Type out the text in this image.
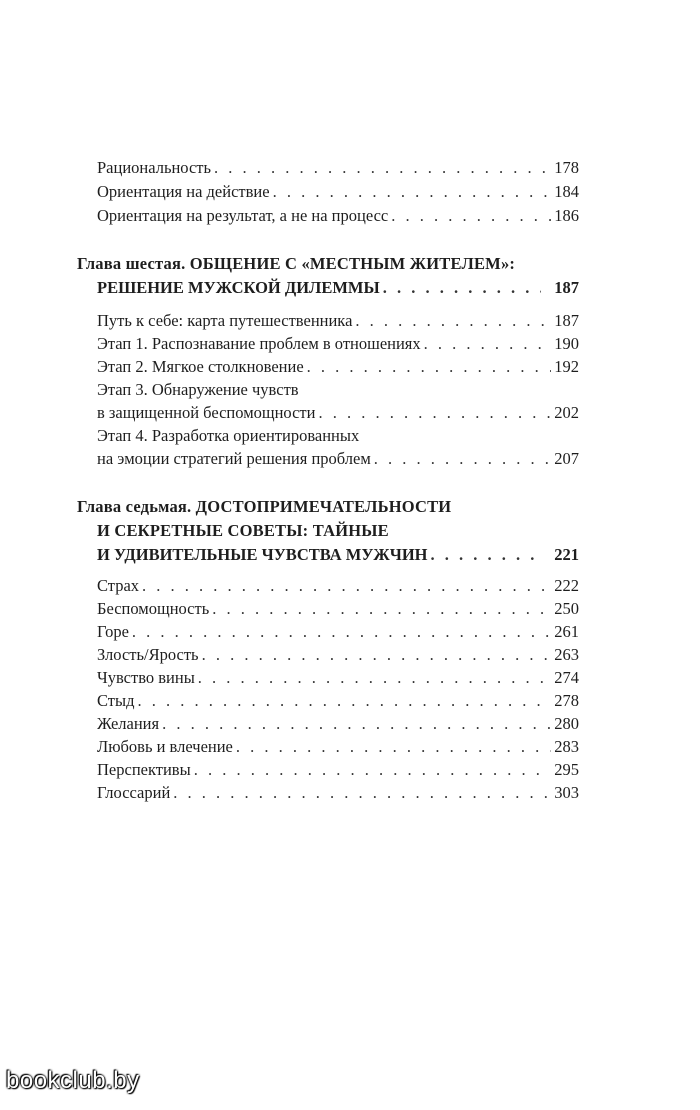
Рациональность . . .	178
Ориентация на действие . . .	184
Ориентация на результат, а не на процесс . . .	186
Глава шестая. ОБЩЕНИЕ С «МЕСТНЫМ ЖИТЕЛЕМ»:
РЕШЕНИЕ МУЖСКОЙ ДИЛЕММЫ . . .	187
Путь к себе: карта путешественника . . .	187
Этап 1. Распознавание проблем в отношениях . . .	190
Этап 2. Мягкое столкновение . . .	192
Этап 3. Обнаружение чувств
в защищенной беспомощности . . .	202
Этап 4. Разработка ориентированных
на эмоции стратегий решения проблем . . .	207
Глава седьмая. ДОСТОПРИМЕЧАТЕЛЬНОСТИ
И СЕКРЕТНЫЕ СОВЕТЫ: ТАЙНЫЕ
И УДИВИТЕЛЬНЫЕ ЧУВСТВА МУЖЧИН . . .	221
Страх . . .	222
Беспомощность . . .	250
Горе . . .	261
Злость/Ярость . . .	263
Чувство вины . . .	274
Стыд . . .	278
Желания . . .	280
Любовь и влечение . . .	283
Перспективы . . .	295
Глоссарий . . .	303
bookclub.by
